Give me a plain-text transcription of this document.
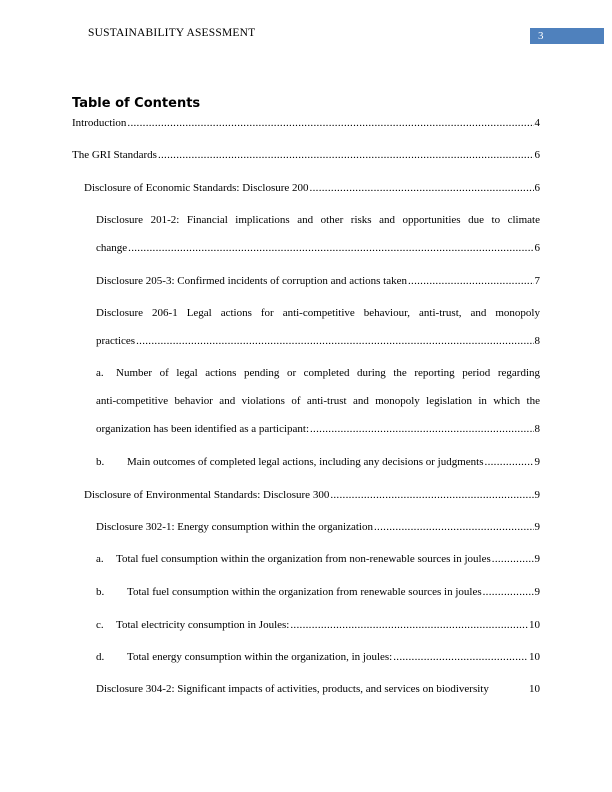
SUSTAINABILITY ASESSMENT	3
Table of Contents
Introduction .....	4
The GRI Standards .....	6
Disclosure of Economic Standards: Disclosure 200 .....	6
Disclosure 201-2: Financial implications and other risks and opportunities due to climate
change .....	6
Disclosure 205-3: Confirmed incidents of corruption and actions taken .....	7
Disclosure 206-1 Legal actions for anti-competitive behaviour, anti-trust, and monopoly
practices .....	8
a. Number of legal actions pending or completed during the reporting period regarding
anti-competitive behavior and violations of anti-trust and monopoly legislation in which the
organization has been identified as a participant: .....	8
b.	Main outcomes of completed legal actions, including any decisions or judgments .....	9
Disclosure of Environmental Standards: Disclosure 300 .....	9
Disclosure 302-1: Energy consumption within the organization .....	9
a.	Total fuel consumption within the organization from non-renewable sources in joules .....	9
b.	Total fuel consumption within the organization from renewable sources in joules .....	9
c.	Total electricity consumption in Joules: .....	10
d.	Total energy consumption within the organization, in joules: .....	10
Disclosure 304-2: Significant impacts of activities, products, and services on biodiversity	10
